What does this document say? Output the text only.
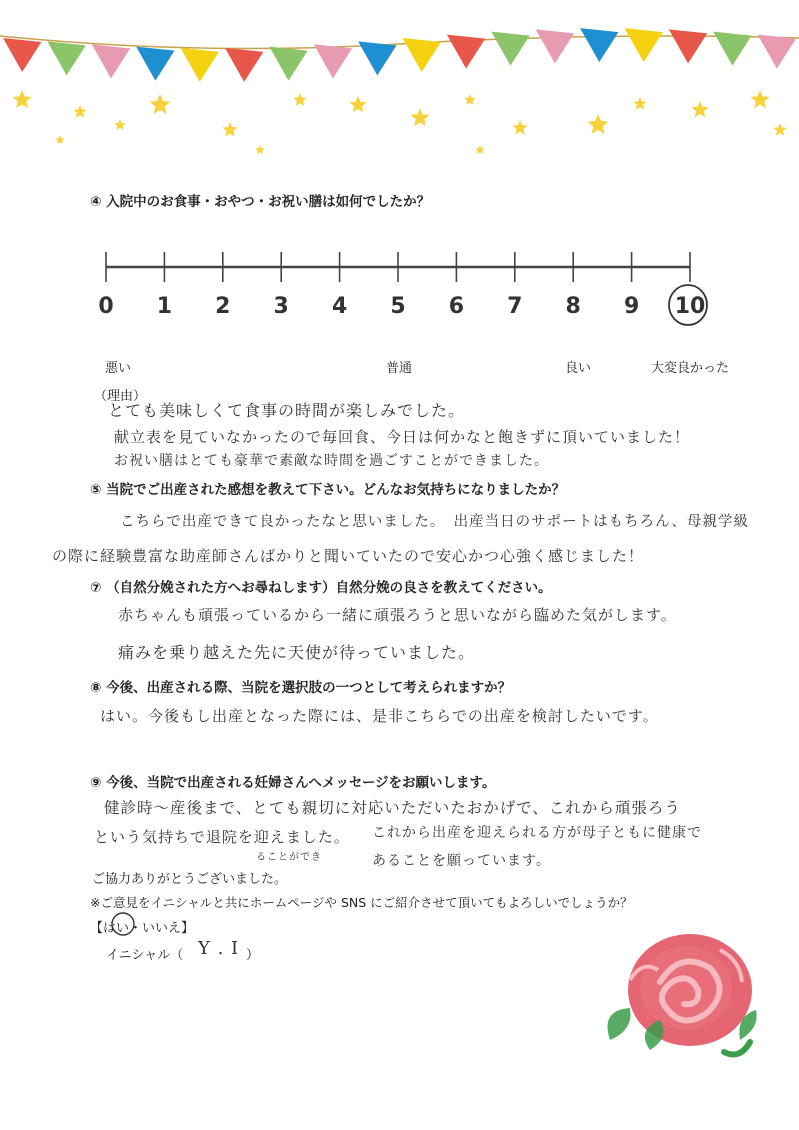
④ 入院中のお食事・おやつ・お祝い膳は如何でしたか？
0 1 2 3 4 5 6 7 8 9 10
悪い	普通	良い	大変良かった
（理由）
とても美味しくて食事の時間が楽しみでした。
献立表を見ていなかったので毎回食、今日は何かなと飽きずに頂いていました！
お祝い膳はとても豪華で素敵な時間を過ごすことができました。
⑤ 当院でご出産された感想を教えて下さい。どんなお気持ちになりましたか？
こちらで出産できて良かったなと思いました。　出産当日のサポートはもちろん、母親学級
の際に経験豊富な助産師さんばかりと聞いていたので安心かつ心強く感じました！
⑦ （自然分娩された方へお尋ねします）自然分娩の良さを教えてください。
赤ちゃんも頑張っているから一緒に頑張ろうと思いながら臨めた気がします。
痛みを乗り越えた先に天使が待っていました。
⑧ 今後、出産される際、当院を選択肢の一つとして考えられますか？
はい。今後もし出産となった際には、是非こちらでの出産を検討したいです。
⑨ 今後、当院で出産される妊婦さんへメッセージをお願いします。
健診時～産後まで、とても親切に対応いただいたおかげで、これから頑張ろう
という気持ちで退院を迎えました。
ることができ
これから出産を迎えられる方が母子ともに健康で
あることを願っています。
ご協力ありがとうございました。
※ご意見をイニシャルと共にホームページや SNS にご紹介させて頂いてもよろしいでしょうか？
【はい・いいえ】
イニシャル（ Y . I ）
